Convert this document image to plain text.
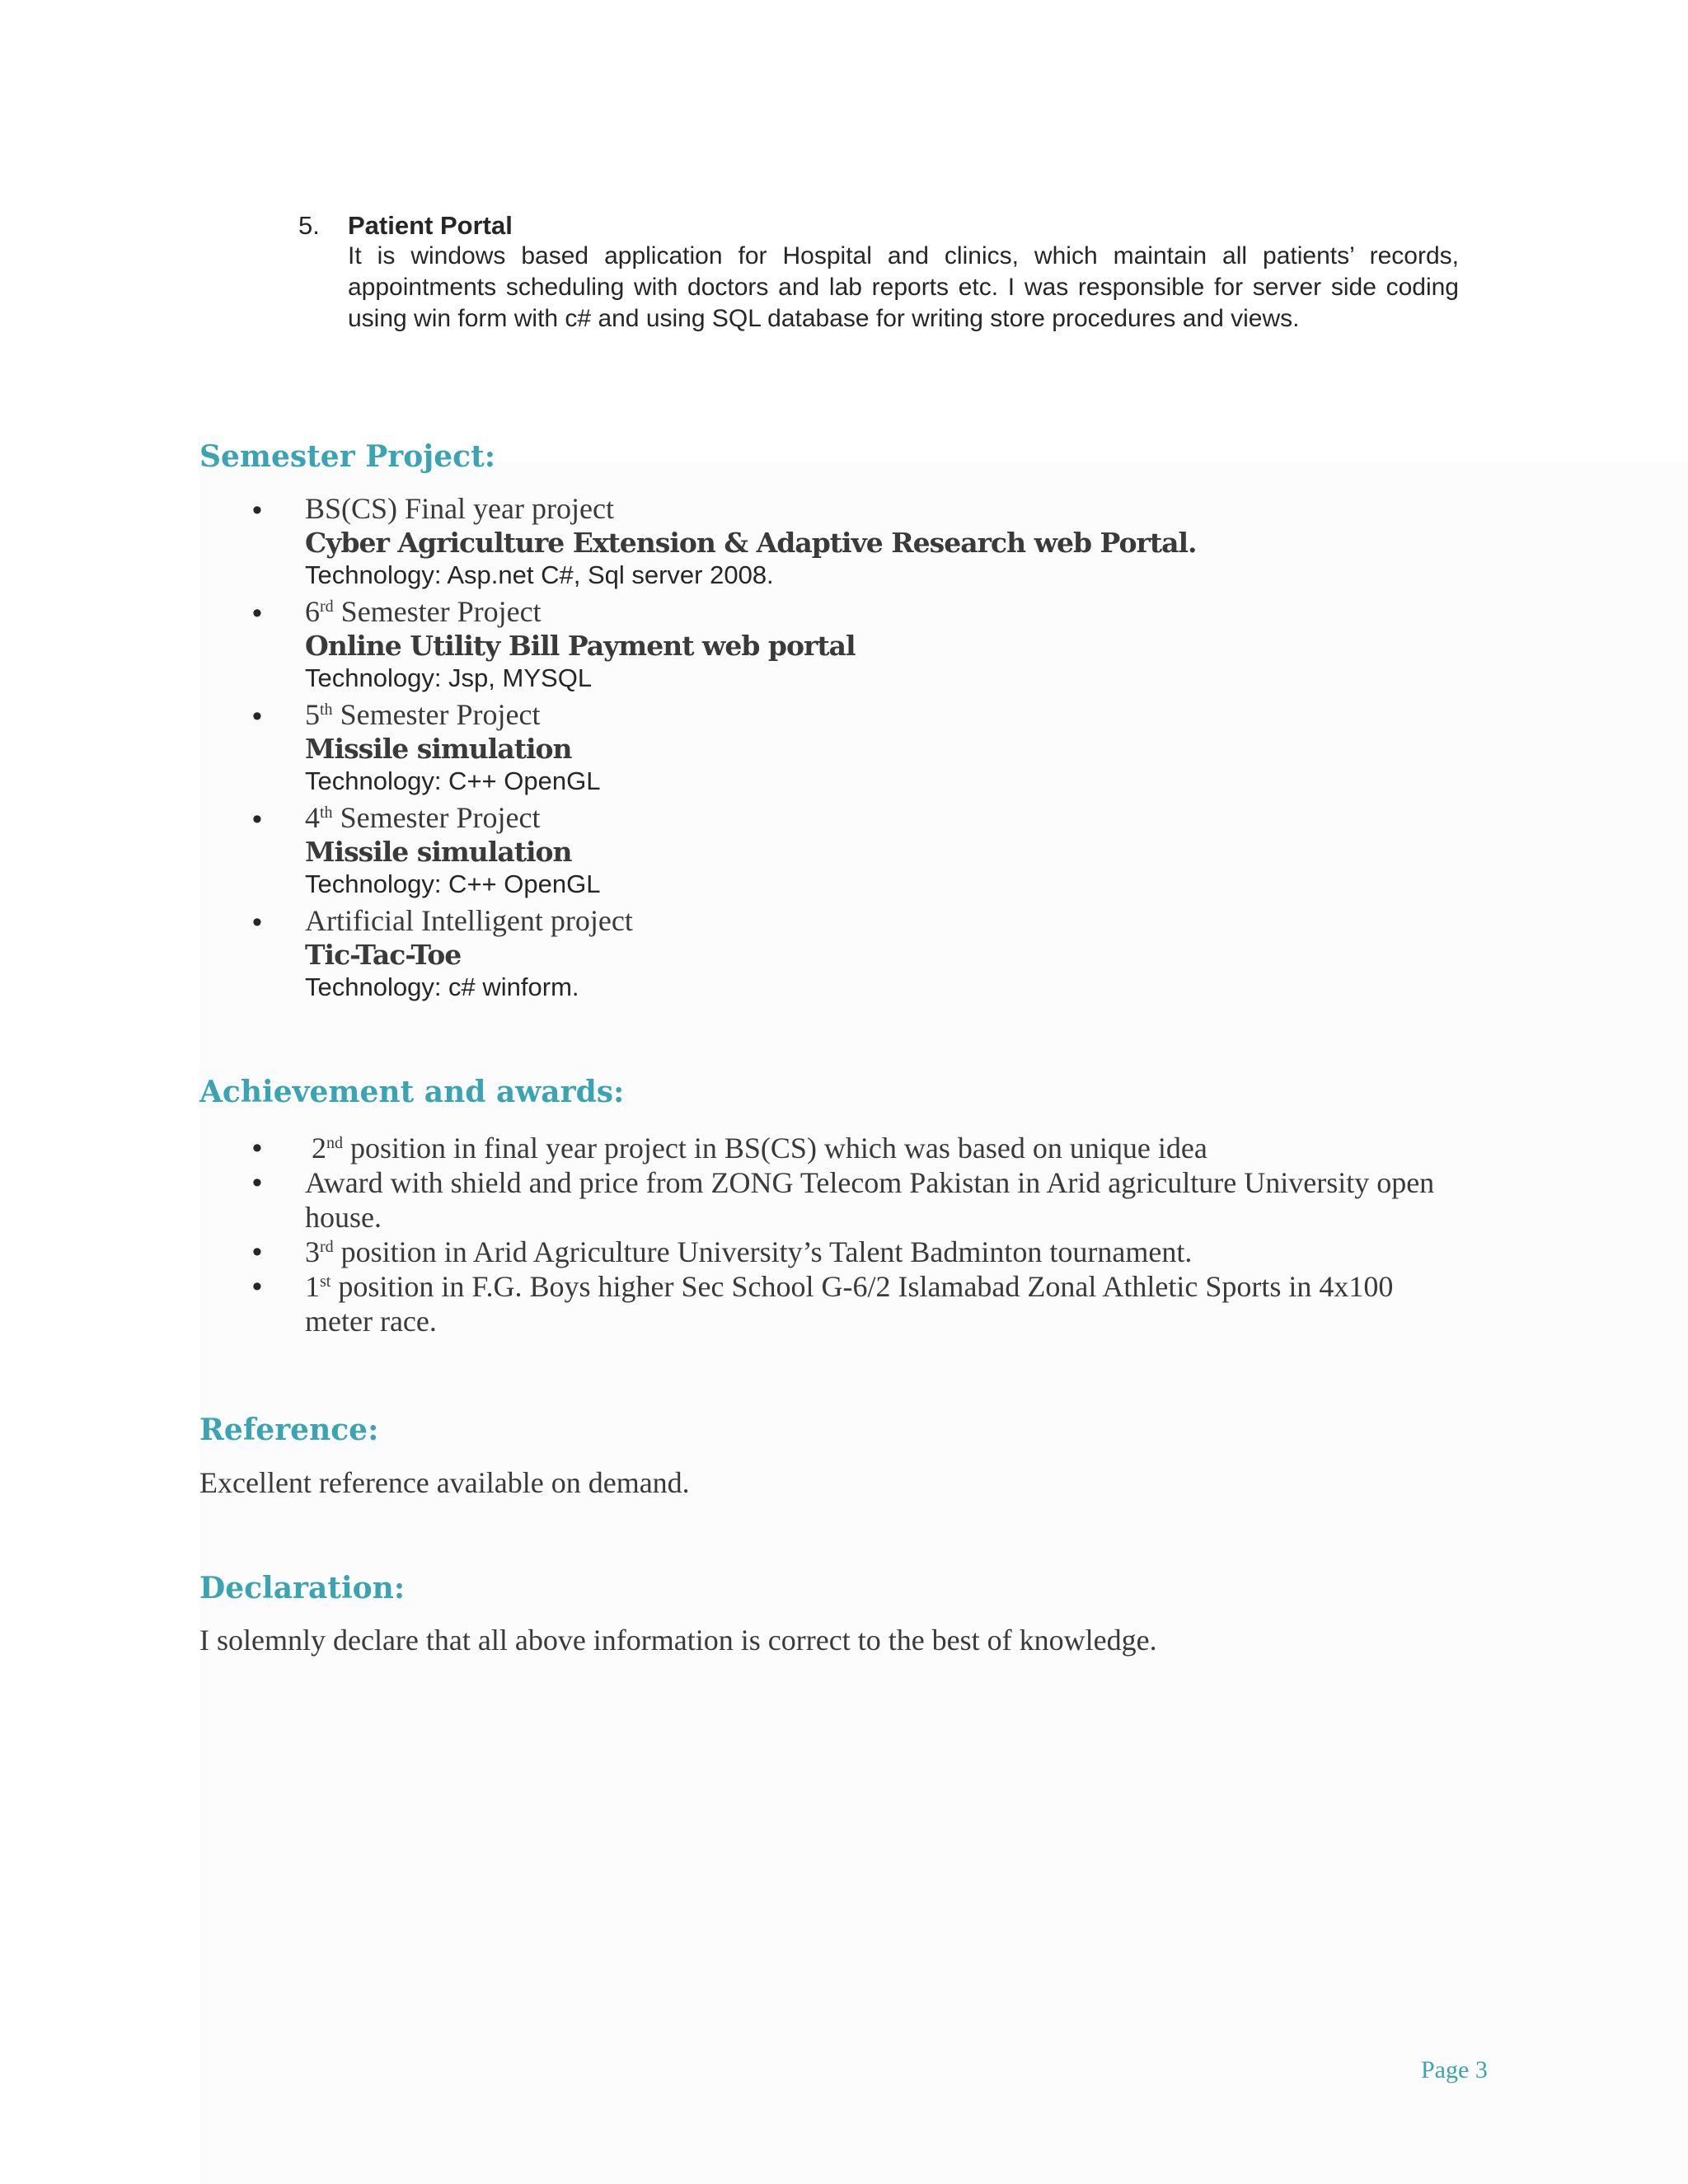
5. Patient Portal
It is windows based application for Hospital and clinics, which maintain all patients’ records, appointments scheduling with doctors and lab reports etc. I was responsible for server side coding using win form with c# and using SQL database for writing store procedures and views.
Semester Project:
• BS(CS) Final year project
Cyber Agriculture Extension & Adaptive Research web Portal.
Technology: Asp.net C#, Sql server 2008.
• 6rd Semester Project
Online Utility Bill Payment web portal
Technology: Jsp, MYSQL
• 5th Semester Project
Missile simulation
Technology: C++ OpenGL
• 4th Semester Project
Missile simulation
Technology: C++ OpenGL
• Artificial Intelligent project
Tic-Tac-Toe
Technology: c# winform.
Achievement and awards:
• 2nd position in final year project in BS(CS) which was based on unique idea
• Award with shield and price from ZONG Telecom Pakistan in Arid agriculture University open house.
• 3rd position in Arid Agriculture University’s Talent Badminton tournament.
• 1st position in F.G. Boys higher Sec School G-6/2 Islamabad Zonal Athletic Sports in 4x100 meter race.
Reference:
Excellent reference available on demand.
Declaration:
I solemnly declare that all above information is correct to the best of knowledge.
Page 3
